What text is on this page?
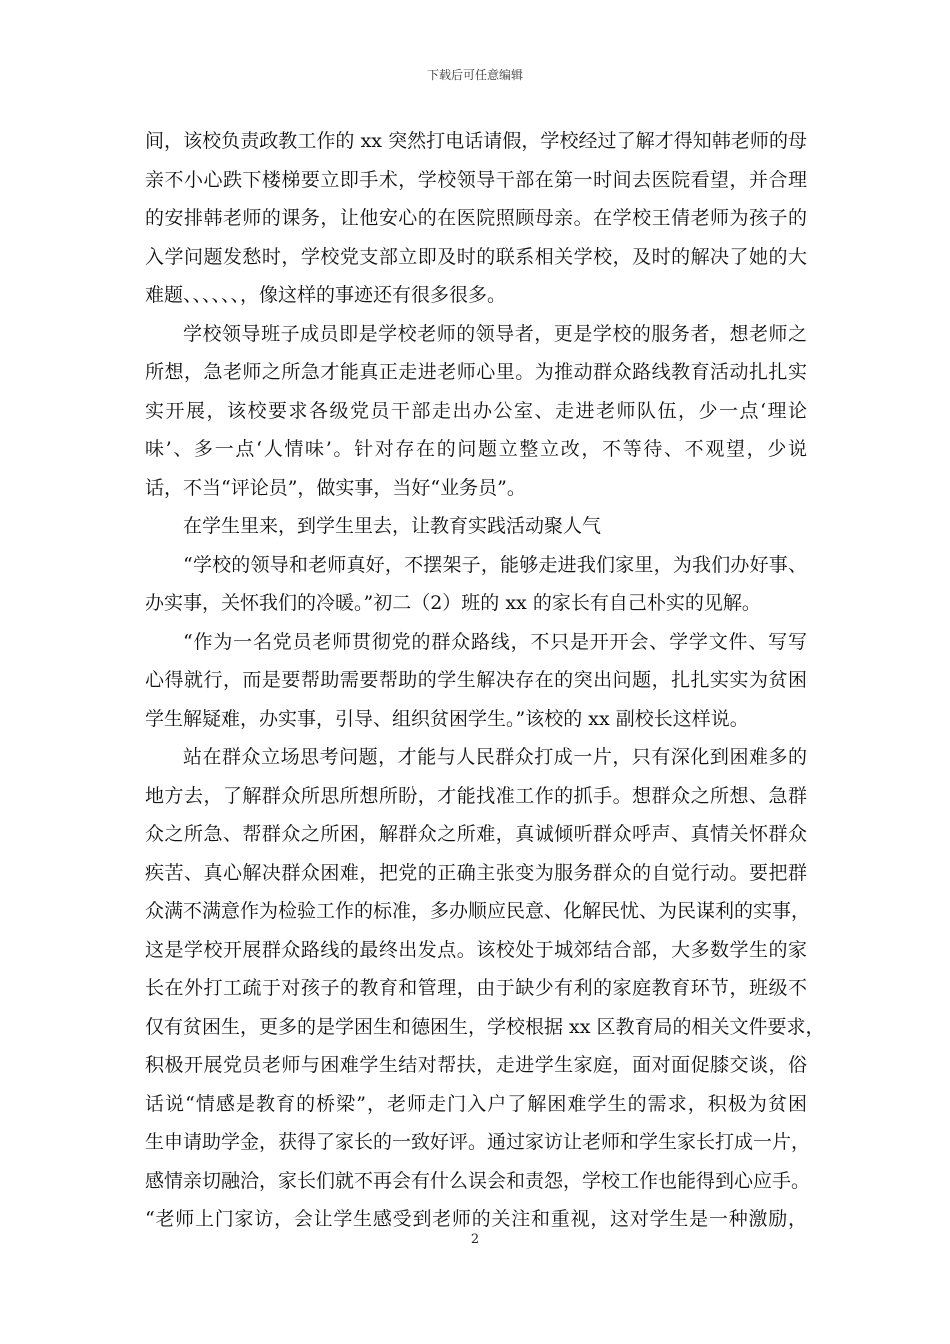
下载后可任意编辑
间，该校负责政教工作的 xx 突然打电话请假，学校经过了解才得知韩老师的母
亲不小心跌下楼梯要立即手术，学校领导干部在第一时间去医院看望，并合理
的安排韩老师的课务，让他安心的在医院照顾母亲。在学校王倩老师为孩子的
入学问题发愁时，学校党支部立即及时的联系相关学校，及时的解决了她的大
难题、、、、、、，像这样的事迹还有很多很多。
学校领导班子成员即是学校老师的领导者，更是学校的服务者，想老师之
所想，急老师之所急才能真正走进老师心里。为推动群众路线教育活动扎扎实
实开展，该校要求各级党员干部走出办公室、走进老师队伍，少一点‘理论
味’、多一点‘人情味’。针对存在的问题立整立改，不等待、不观望，少说
话，不当“评论员”，做实事，当好“业务员”。
在学生里来，到学生里去，让教育实践活动聚人气
“学校的领导和老师真好，不摆架子，能够走进我们家里，为我们办好事、
办实事，关怀我们的冷暖。”初二（2）班的 xx 的家长有自己朴实的见解。
“作为一名党员老师贯彻党的群众路线，不只是开开会、学学文件、写写
心得就行，而是要帮助需要帮助的学生解决存在的突出问题，扎扎实实为贫困
学生解疑难，办实事，引导、组织贫困学生。”该校的 xx 副校长这样说。
站在群众立场思考问题，才能与人民群众打成一片，只有深化到困难多的
地方去，了解群众所思所想所盼，才能找准工作的抓手。想群众之所想、急群
众之所急、帮群众之所困，解群众之所难，真诚倾听群众呼声、真情关怀群众
疾苦、真心解决群众困难，把党的正确主张变为服务群众的自觉行动。要把群
众满不满意作为检验工作的标准，多办顺应民意、化解民忧、为民谋利的实事，
这是学校开展群众路线的最终出发点。该校处于城郊结合部，大多数学生的家
长在外打工疏于对孩子的教育和管理，由于缺少有利的家庭教育环节，班级不
仅有贫困生，更多的是学困生和德困生，学校根据 xx 区教育局的相关文件要求，
积极开展党员老师与困难学生结对帮扶，走进学生家庭，面对面促膝交谈，俗
话说“情感是教育的桥梁”，老师走门入户了解困难学生的需求，积极为贫困
生申请助学金，获得了家长的一致好评。通过家访让老师和学生家长打成一片，
感情亲切融洽，家长们就不再会有什么误会和责怨，学校工作也能得到心应手。
“老师上门家访，会让学生感受到老师的关注和重视，这对学生是一种激励，
2
